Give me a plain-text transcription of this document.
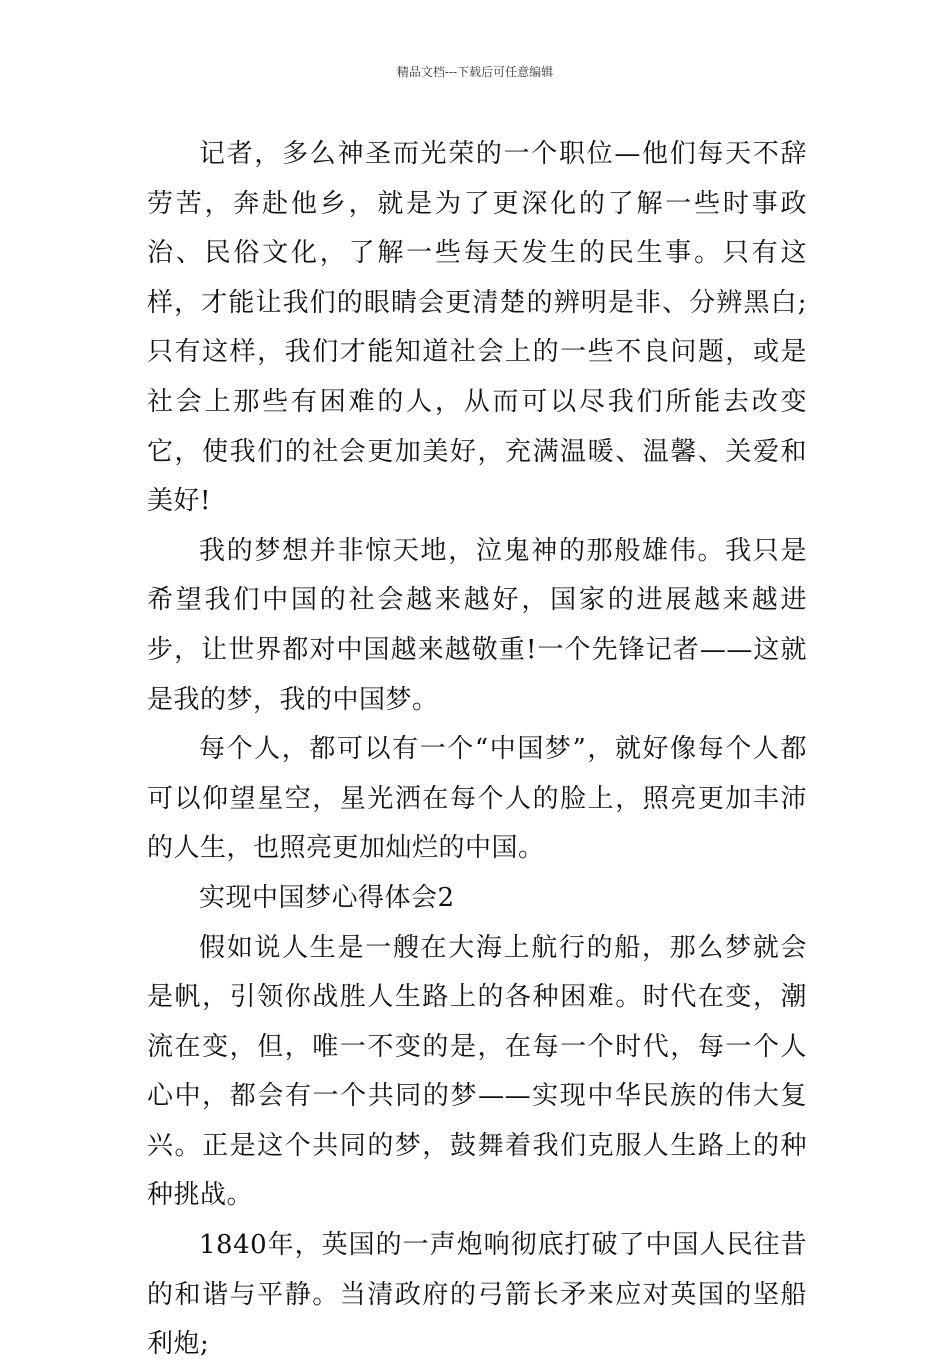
精品文档---下载后可任意编辑

记者，多么神圣而光荣的一个职位—他们每天不辞劳苦，奔赴他乡，就是为了更深化的了解一些时事政治、民俗文化，了解一些每天发生的民生事。只有这样，才能让我们的眼睛会更清楚的辨明是非、分辨黑白;只有这样，我们才能知道社会上的一些不良问题，或是社会上那些有困难的人，从而可以尽我们所能去改变它，使我们的社会更加美好，充满温暖、温馨、关爱和美好!

我的梦想并非惊天地，泣鬼神的那般雄伟。我只是希望我们中国的社会越来越好，国家的进展越来越进步，让世界都对中国越来越敬重!一个先锋记者——这就是我的梦，我的中国梦。

每个人，都可以有一个“中国梦”，就好像每个人都可以仰望星空，星光洒在每个人的脸上，照亮更加丰沛的人生，也照亮更加灿烂的中国。

实现中国梦心得体会2

假如说人生是一艘在大海上航行的船，那么梦就会是帆，引领你战胜人生路上的各种困难。时代在变，潮流在变，但，唯一不变的是，在每一个时代，每一个人心中，都会有一个共同的梦——实现中华民族的伟大复兴。正是这个共同的梦，鼓舞着我们克服人生路上的种种挑战。

1840年，英国的一声炮响彻底打破了中国人民往昔的和谐与平静。当清政府的弓箭长矛来应对英国的坚船利炮;
